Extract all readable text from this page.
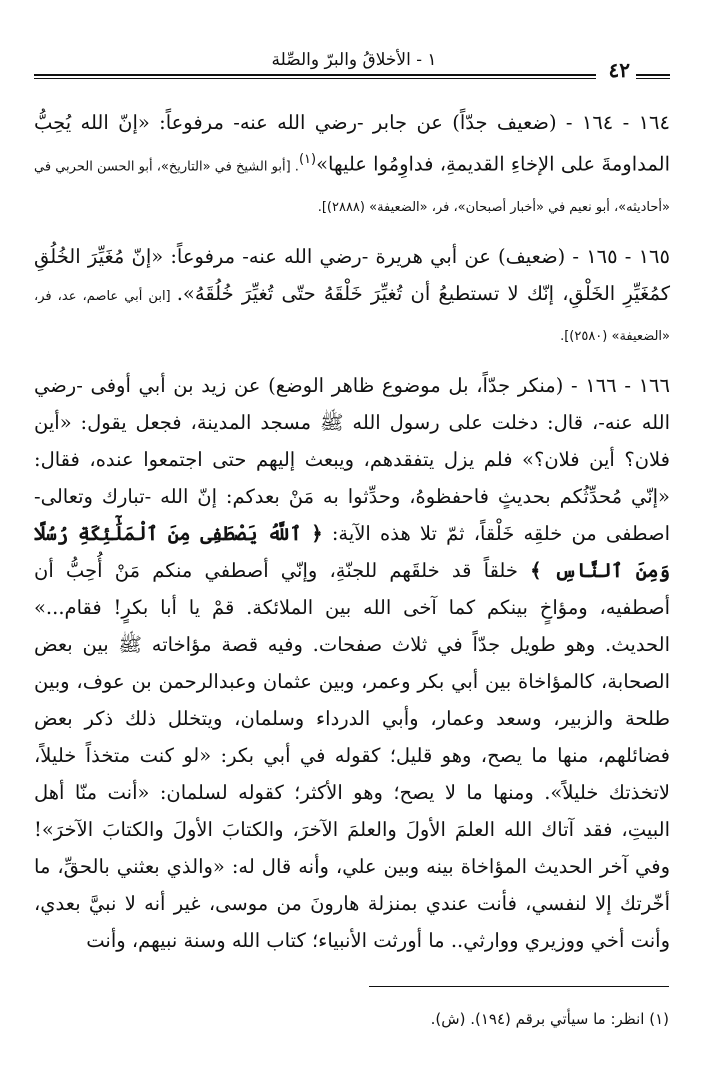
١ - الأخلاقُ والبرّ والصِّلة	٤٢

١٦٤ - ١٦٤ - (ضعيف جدّاً) عن جابر -رضي الله عنه- مرفوعاً: «إنّ الله يُحِبُّ المداومةَ على الإخاءِ القديمةِ، فداوِمُوا عليها»$^{(١)}$. [أبو الشيخ في «التاريخ»، أبو الحسن الحربي في «أحاديثه»، أبو نعيم في «أخبار أصبحان»، فر، «الضعيفة» (٢٨٨٨)].

١٦٥ - ١٦٥ - (ضعيف) عن أبي هريرة -رضي الله عنه- مرفوعاً: «إنّ مُغَيِّرَ الخُلُقِ كمُغَيِّرِ الخَلْقِ، إنّك لا تستطيعُ أن تُغيِّرَ خَلْقَهُ حتّى تُغيِّرَ خُلُقَهُ». [ابن أبي عاصم، عد، فر، «الضعيفة» (٢٥٨٠)].

١٦٦ - ١٦٦ - (منكر جدّاً، بل موضوع ظاهر الوضع) عن زيد بن أبي أوفى -رضي الله عنه-، قال: دخلت على رسول الله ﷺ مسجد المدينة، فجعل يقول: «أين فلان؟ أين فلان؟» فلم يزل يتفقدهم، ويبعث إليهم حتى اجتمعوا عنده، فقال: «إنّي مُحدِّثُكم بحديثٍ فاحفظوهُ، وحدِّثوا به مَنْ بعدكم: إنّ الله -تبارك وتعالى- اصطفى من خلقِه خَلْقاً، ثمّ تلا هذه الآية: ﴿ ٱللَّهُ يَصْطَفِى مِنَ ٱلْمَلَٰٓئِكَةِ رُسُلًا وَمِنَ ٱلنَّاسِ ﴾ خلقاً قد خلقَهم للجنّةِ، وإنّي أصطفي منكم مَنْ أُحِبُّ أن أصطفيه، ومؤاخٍ بينكم كما آخى الله بين الملائكة. قمْ يا أبا بكرٍ! فقام...» الحديث. وهو طويل جدّاً في ثلاث صفحات. وفيه قصة مؤاخاته ﷺ بين بعض الصحابة، كالمؤاخاة بين أبي بكر وعمر، وبين عثمان وعبدالرحمن بن عوف، وبين طلحة والزبير، وسعد وعمار، وأبي الدرداء وسلمان، ويتخلل ذلك ذكر بعض فضائلهم، منها ما يصح، وهو قليل؛ كقوله في أبي بكر: «لو كنت متخذاً خليلاً، لاتخذتك خليلاً». ومنها ما لا يصح؛ وهو الأكثر؛ كقوله لسلمان: «أنت منّا أهل البيتِ، فقد آتاك الله العلمَ الأولَ والعلمَ الآخرَ، والكتابَ الأولَ والكتابَ الآخرَ»! وفي آخر الحديث المؤاخاة بينه وبين علي، وأنه قال له: «والذي بعثني بالحقِّ، ما أخّرتك إلا لنفسي، فأنت عندي بمنزلة هارونَ من موسى، غير أنه لا نبيَّ بعدي، وأنت أخي ووزيري ووارثي.. ما أورثت الأنبياء؛ كتاب الله وسنة نبيهم، وأنت

(١) انظر: ما سيأتي برقم (١٩٤). (ش).
